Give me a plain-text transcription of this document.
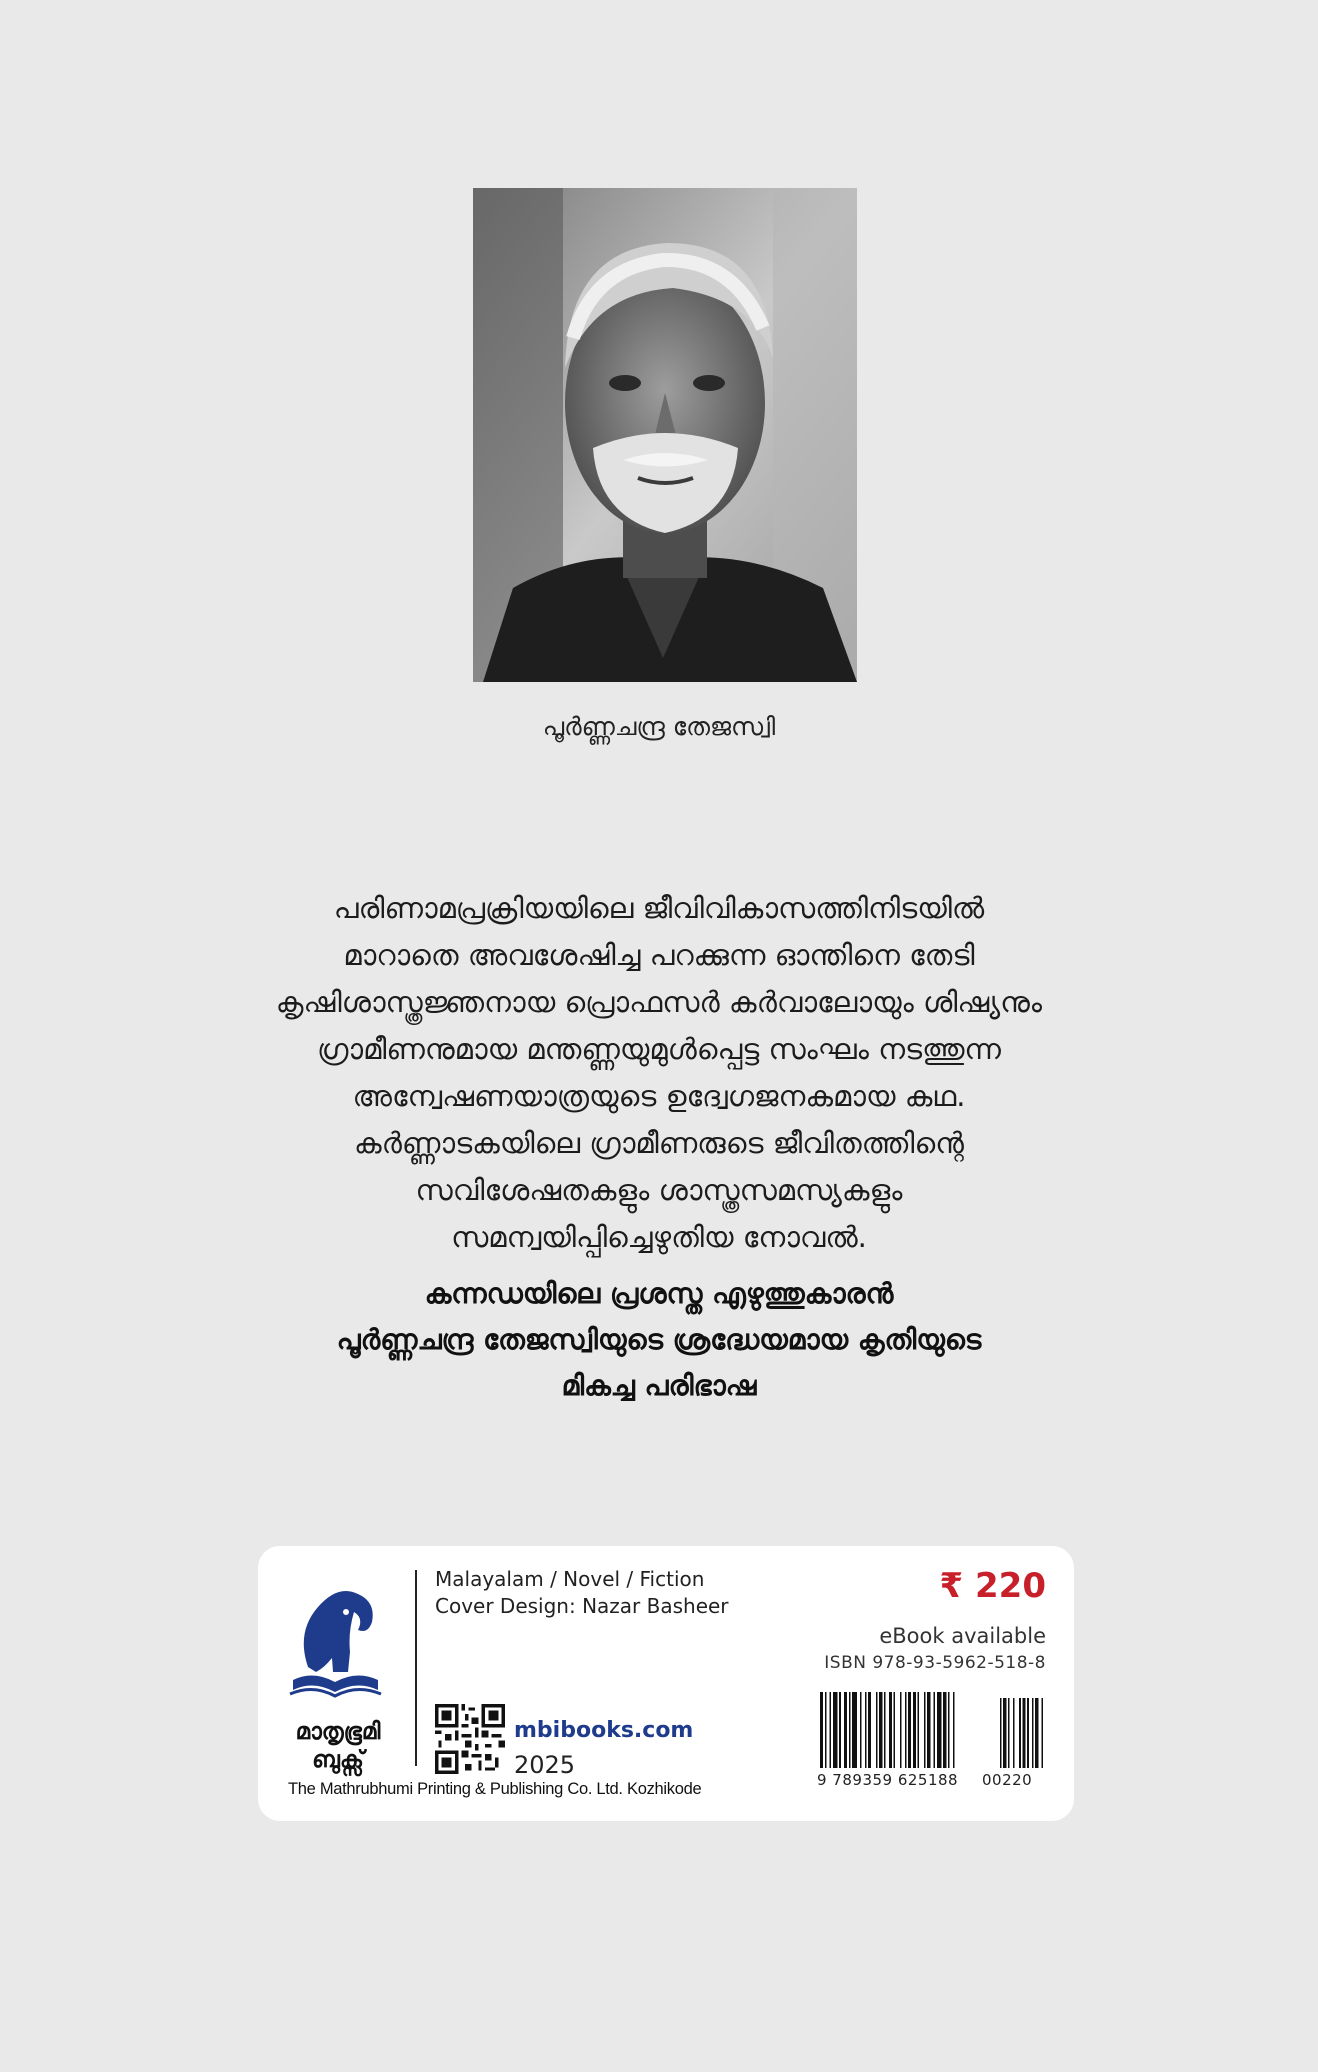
പൂർണ്ണചന്ദ്ര തേജസ്വി
പരിണാമപ്രക്രിയയിലെ ജീവിവികാസത്തിനിടയിൽ
മാറാതെ അവശേഷിച്ച പറക്കുന്ന ഓന്തിനെ തേടി
കൃഷിശാസ്ത്രജ്ഞനായ പ്രൊഫസർ കർവാലോയും ശിഷ്യനും
ഗ്രാമീണനുമായ മന്തണ്ണയുമുൾപ്പെട്ട സംഘം നടത്തുന്ന
അന്വേഷണയാത്രയുടെ ഉദ്വേഗജനകമായ കഥ.
കർണ്ണാടകയിലെ ഗ്രാമീണരുടെ ജീവിതത്തിന്റെ
സവിശേഷതകളും ശാസ്ത്രസമസ്യകളും
സമന്വയിപ്പിച്ചെഴുതിയ നോവൽ.
കന്നഡയിലെ പ്രശസ്ത എഴുത്തുകാരൻ
പൂർണ്ണചന്ദ്ര തേജസ്വിയുടെ ശ്രദ്ധേയമായ കൃതിയുടെ
മികച്ച പരിഭാഷ
മാതൃഭൂമി
ബുക്സ്
Malayalam / Novel / Fiction
Cover Design: Nazar Basheer	₹ 220
eBook available
ISBN 978-93-5962-518-8
mbibooks.com
2025
The Mathrubhumi Printing & Publishing Co. Ltd. Kozhikode	9 789359 625188 00220
